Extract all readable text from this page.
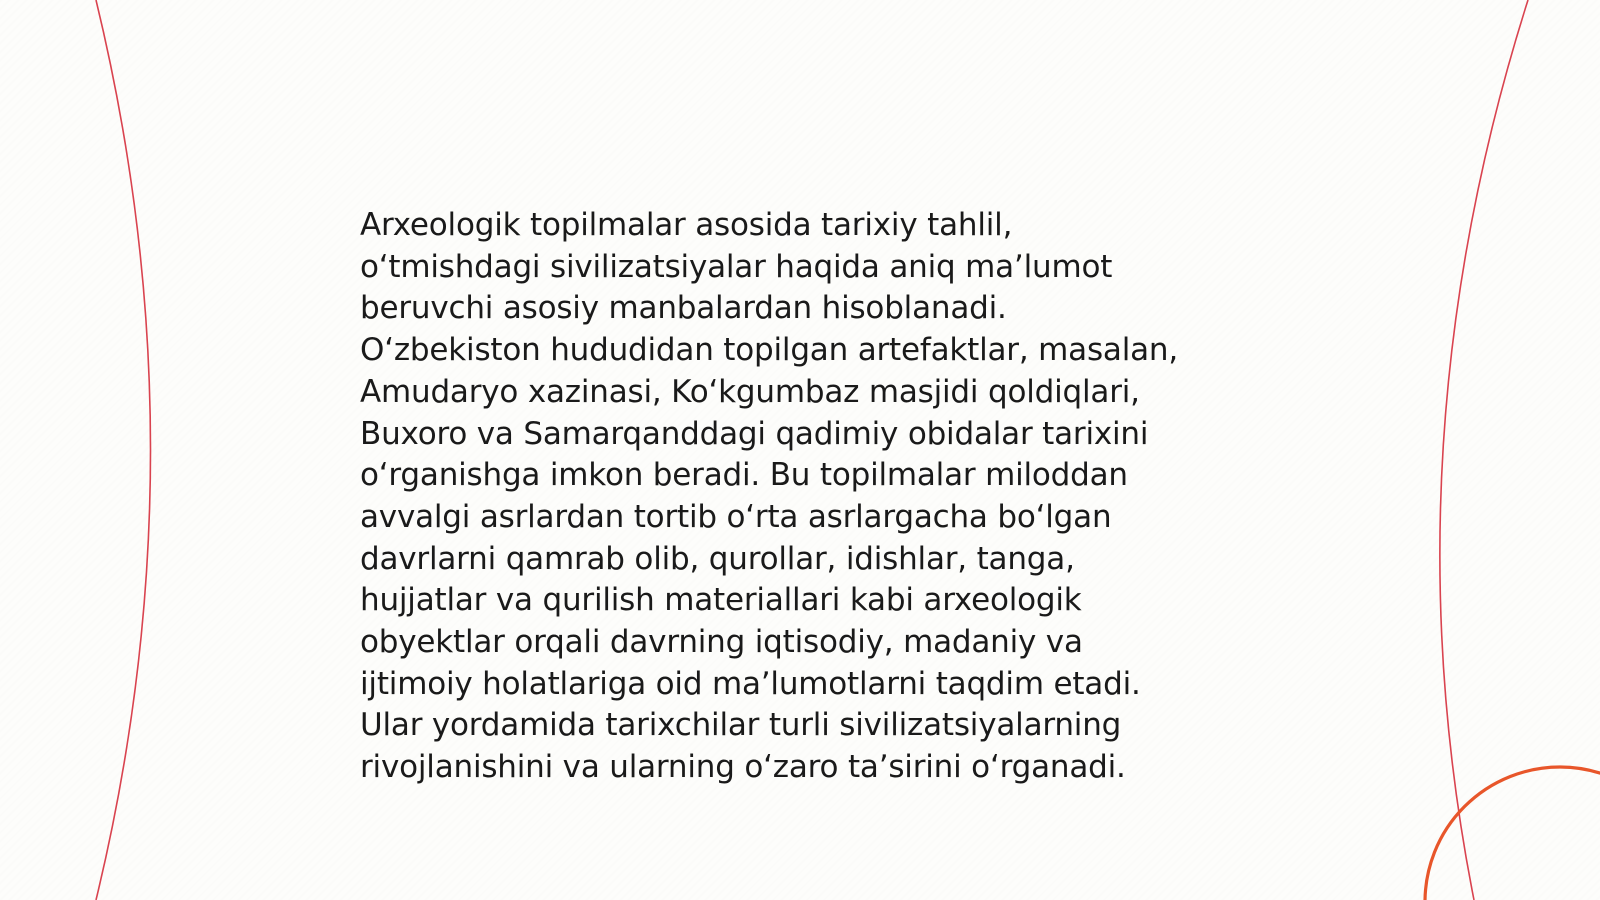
Arxeologik topilmalar asosida tarixiy tahlil,
o‘tmishdagi sivilizatsiyalar haqida aniq ma’lumot
beruvchi asosiy manbalardan hisoblanadi.
O‘zbekiston hududidan topilgan artefaktlar, masalan,
Amudaryo xazinasi, Ko‘kgumbaz masjidi qoldiqlari,
Buxoro va Samarqanddagi qadimiy obidalar tarixini
o‘rganishga imkon beradi. Bu topilmalar miloddan
avvalgi asrlardan tortib o‘rta asrlargacha bo‘lgan
davrlarni qamrab olib, qurollar, idishlar, tanga,
hujjatlar va qurilish materiallari kabi arxeologik
obyektlar orqali davrning iqtisodiy, madaniy va
ijtimoiy holatlariga oid ma’lumotlarni taqdim etadi.
Ular yordamida tarixchilar turli sivilizatsiyalarning
rivojlanishini va ularning o‘zaro ta’sirini o‘rganadi.
